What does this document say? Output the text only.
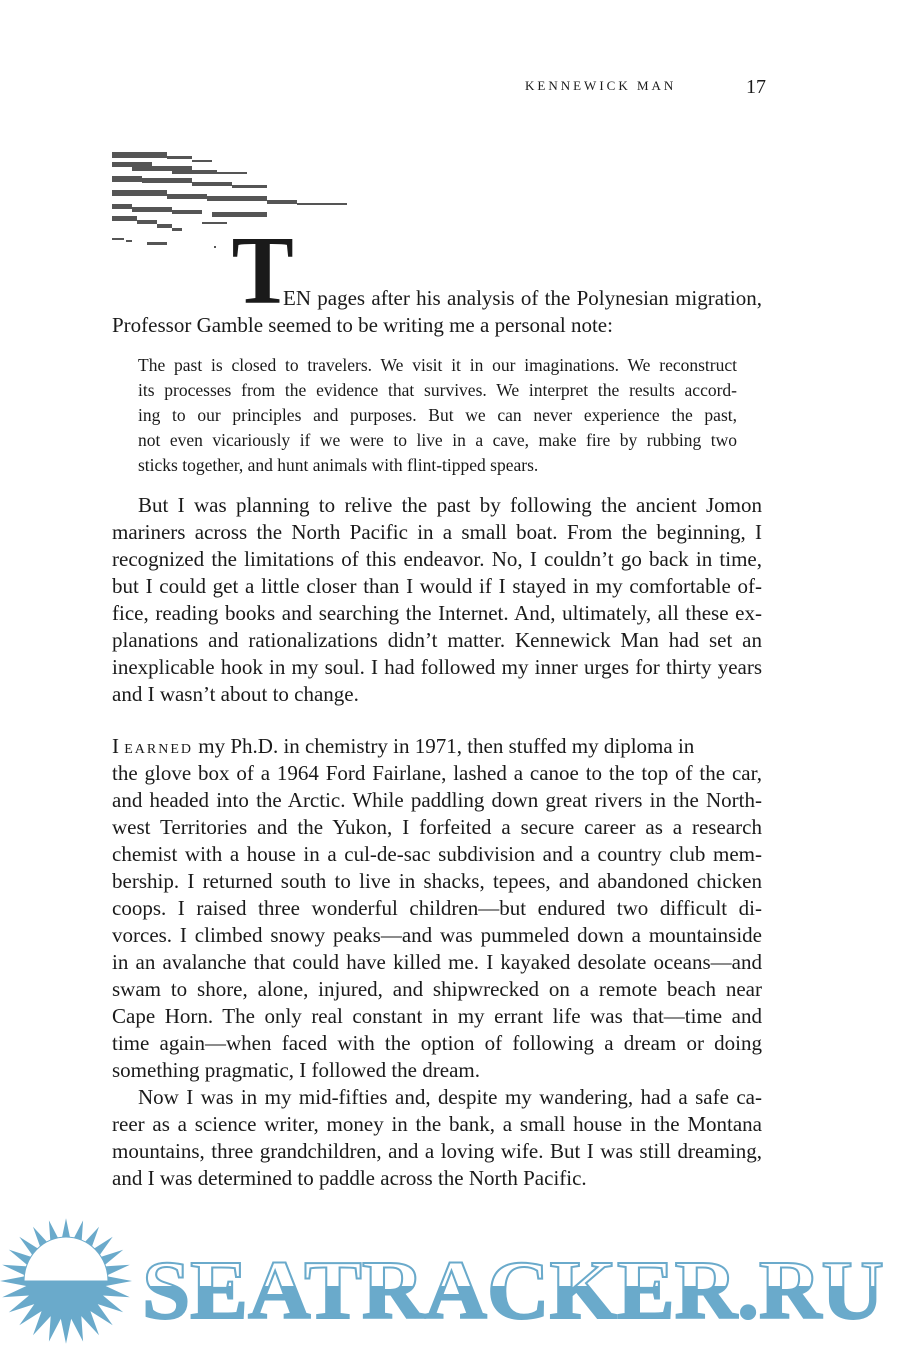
KENNEWICK MAN	17
T
EN pages after his analysis of the Polynesian migration,
Professor Gamble seemed to be writing me a personal note:
The past is closed to travelers. We visit it in our imaginations. We reconstruct
its processes from the evidence that survives. We interpret the results accord-
ing to our principles and purposes. But we can never experience the past,
not even vicariously if we were to live in a cave, make fire by rubbing two
sticks together, and hunt animals with flint-tipped spears.
But I was planning to relive the past by following the ancient Jomon
mariners across the North Pacific in a small boat. From the beginning, I
recognized the limitations of this endeavor. No, I couldn’t go back in time,
but I could get a little closer than I would if I stayed in my comfortable of-
fice, reading books and searching the Internet. And, ultimately, all these ex-
planations and rationalizations didn’t matter. Kennewick Man had set an
inexplicable hook in my soul. I had followed my inner urges for thirty years
and I wasn’t about to change.
I EARNED my Ph.D. in chemistry in 1971, then stuffed my diploma in
the glove box of a 1964 Ford Fairlane, lashed a canoe to the top of the car,
and headed into the Arctic. While paddling down great rivers in the North-
west Territories and the Yukon, I forfeited a secure career as a research
chemist with a house in a cul-de-sac subdivision and a country club mem-
bership. I returned south to live in shacks, tepees, and abandoned chicken
coops. I raised three wonderful children—but endured two difficult di-
vorces. I climbed snowy peaks—and was pummeled down a mountainside
in an avalanche that could have killed me. I kayaked desolate oceans—and
swam to shore, alone, injured, and shipwrecked on a remote beach near
Cape Horn. The only real constant in my errant life was that—time and
time again—when faced with the option of following a dream or doing
something pragmatic, I followed the dream.
Now I was in my mid-fifties and, despite my wandering, had a safe ca-
reer as a science writer, money in the bank, a small house in the Montana
mountains, three grandchildren, and a loving wife. But I was still dreaming,
and I was determined to paddle across the North Pacific.
SEATRACKER.RU
